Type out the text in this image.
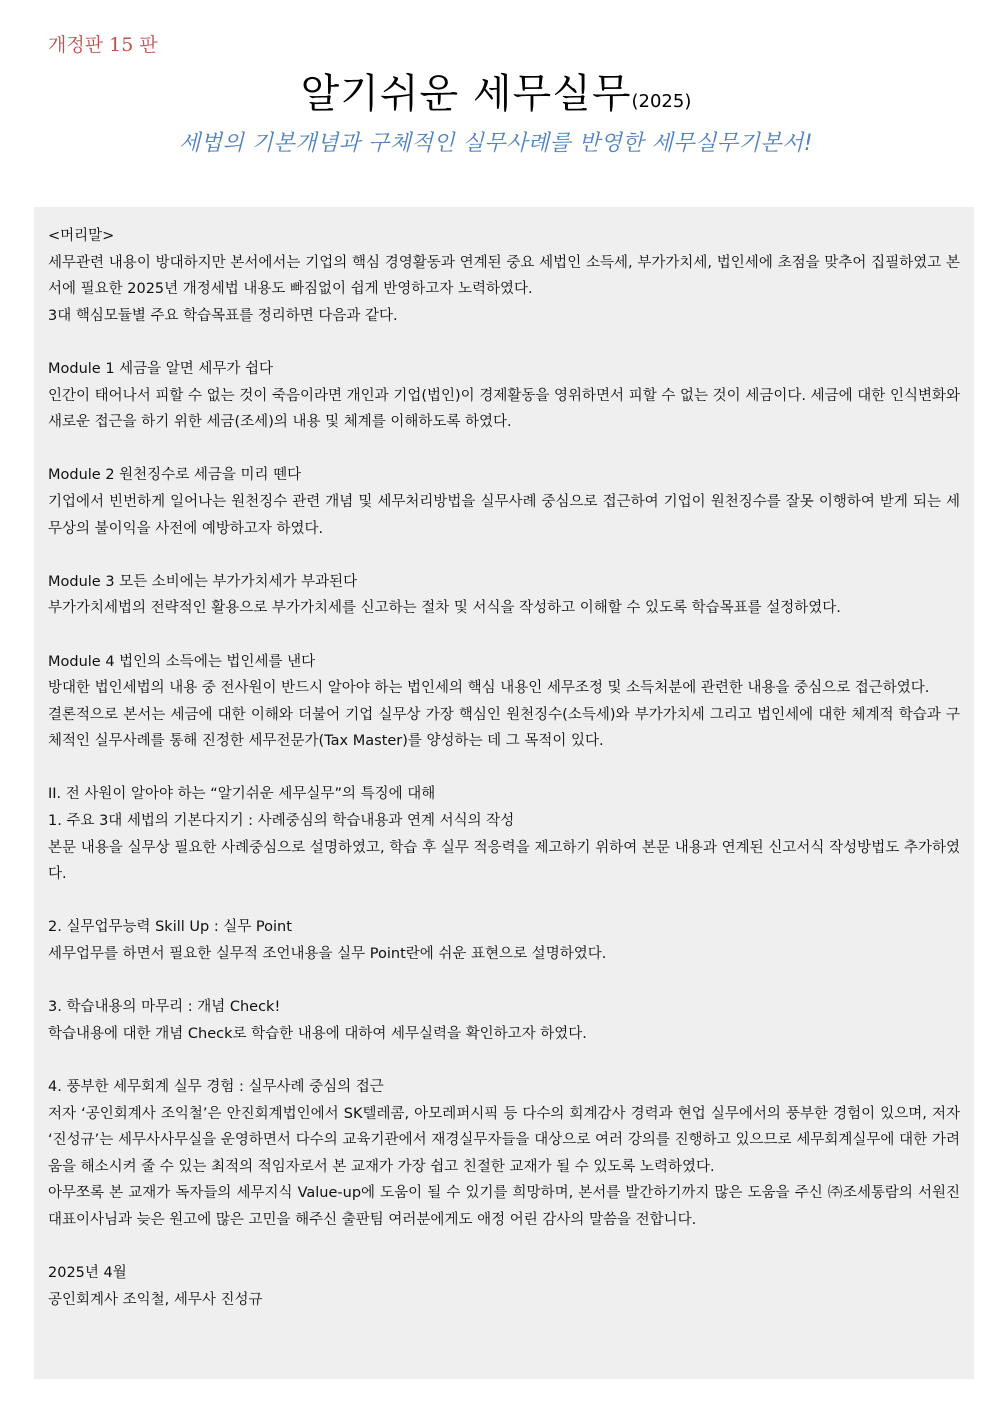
개정판 15 판
알기쉬운 세무실무(2025)
세법의 기본개념과 구체적인 실무사례를 반영한 세무실무기본서!

<머리말>

세무관련 내용이 방대하지만 본서에서는 기업의 핵심 경영활동과 연계된 중요 세법인 소득세, 부가가치세, 법인세에 초점을 맞추어 집필하였고 본서에 필요한 2025년 개정세법 내용도 빠짐없이 쉽게 반영하고자 노력하였다.

3대 핵심모듈별 주요 학습목표를 정리하면 다음과 같다.

Module 1 세금을 알면 세무가 쉽다

인간이 태어나서 피할 수 없는 것이 죽음이라면 개인과 기업(법인)이 경제활동을 영위하면서 피할 수 없는 것이 세금이다. 세금에 대한 인식변화와 새로운 접근을 하기 위한 세금(조세)의 내용 및 체계를 이해하도록 하였다.

Module 2 원천징수로 세금을 미리 뗀다

기업에서 빈번하게 일어나는 원천징수 관련 개념 및 세무처리방법을 실무사례 중심으로 접근하여 기업이 원천징수를 잘못 이행하여 받게 되는 세무상의 불이익을 사전에 예방하고자 하였다.

Module 3 모든 소비에는 부가가치세가 부과된다

부가가치세법의 전략적인 활용으로 부가가치세를 신고하는 절차 및 서식을 작성하고 이해할 수 있도록 학습목표를 설정하였다.

Module 4 법인의 소득에는 법인세를 낸다

방대한 법인세법의 내용 중 전사원이 반드시 알아야 하는 법인세의 핵심 내용인 세무조정 및 소득처분에 관련한 내용을 중심으로 접근하였다.

결론적으로 본서는 세금에 대한 이해와 더불어 기업 실무상 가장 핵심인 원천징수(소득세)와 부가가치세 그리고 법인세에 대한 체계적 학습과 구체적인 실무사례를 통해 진정한 세무전문가(Tax Master)를 양성하는 데 그 목적이 있다.

II. 전 사원이 알아야 하는 “알기쉬운 세무실무”의 특징에 대해

1. 주요 3대 세법의 기본다지기 : 사례중심의 학습내용과 연계 서식의 작성

본문 내용을 실무상 필요한 사례중심으로 설명하였고, 학습 후 실무 적응력을 제고하기 위하여 본문 내용과 연계된 신고서식 작성방법도 추가하였다.

2. 실무업무능력 Skill Up : 실무 Point

세무업무를 하면서 필요한 실무적 조언내용을 실무 Point란에 쉬운 표현으로 설명하였다.

3. 학습내용의 마무리 : 개념 Check!

학습내용에 대한 개념 Check로 학습한 내용에 대하여 세무실력을 확인하고자 하였다.

4. 풍부한 세무회계 실무 경험 : 실무사례 중심의 접근

저자 ‘공인회계사 조익철’은 안진회계법인에서 SK텔레콤, 아모레퍼시픽 등 다수의 회계감사 경력과 현업 실무에서의 풍부한 경험이 있으며, 저자 ‘진성규’는 세무사사무실을 운영하면서 다수의 교육기관에서 재경실무자들을 대상으로 여러 강의를 진행하고 있으므로 세무회계실무에 대한 가려움을 해소시켜 줄 수 있는 최적의 적임자로서 본 교재가 가장 쉽고 친절한 교재가 될 수 있도록 노력하였다.

아무쪼록 본 교재가 독자들의 세무지식 Value-up에 도움이 될 수 있기를 희망하며, 본서를 발간하기까지 많은 도움을 주신 ㈜조세통람의 서원진 대표이사님과 늦은 원고에 많은 고민을 해주신 출판팀 여러분에게도 애정 어린 감사의 말씀을 전합니다.

2025년 4월

공인회계사 조익철, 세무사 진성규
